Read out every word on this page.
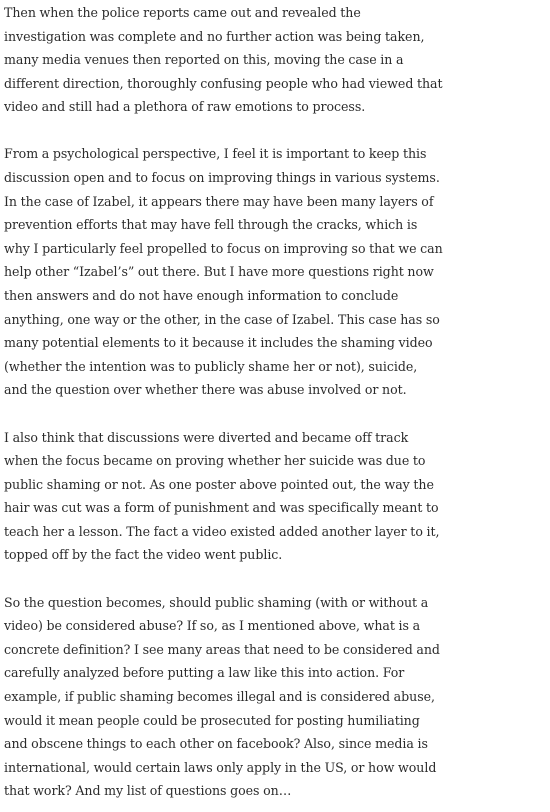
Then when the police reports came out and revealed the investigation was complete and no further action was being taken, many media venues then reported on this, moving the case in a different direction, thoroughly confusing people who had viewed that video and still had a plethora of raw emotions to process.

From a psychological perspective, I feel it is important to keep this discussion open and to focus on improving things in various systems. In the case of Izabel, it appears there may have been many layers of prevention efforts that may have fell through the cracks, which is why I particularly feel propelled to focus on improving so that we can help other “Izabel’s” out there. But I have more questions right now then answers and do not have enough information to conclude anything, one way or the other, in the case of Izabel. This case has so many potential elements to it because it includes the shaming video (whether the intention was to publicly shame her or not), suicide, and the question over whether there was abuse involved or not.

I also think that discussions were diverted and became off track when the focus became on proving whether her suicide was due to public shaming or not. As one poster above pointed out, the way the hair was cut was a form of punishment and was specifically meant to teach her a lesson. The fact a video existed added another layer to it, topped off by the fact the video went public.

So the question becomes, should public shaming (with or without a video) be considered abuse? If so, as I mentioned above, what is a concrete definition? I see many areas that need to be considered and carefully analyzed before putting a law like this into action. For example, if public shaming becomes illegal and is considered abuse, would it mean people could be prosecuted for posting humiliating and obscene things to each other on facebook? Also, since media is international, would certain laws only apply in the US, or how would that work? And my list of questions goes on…
